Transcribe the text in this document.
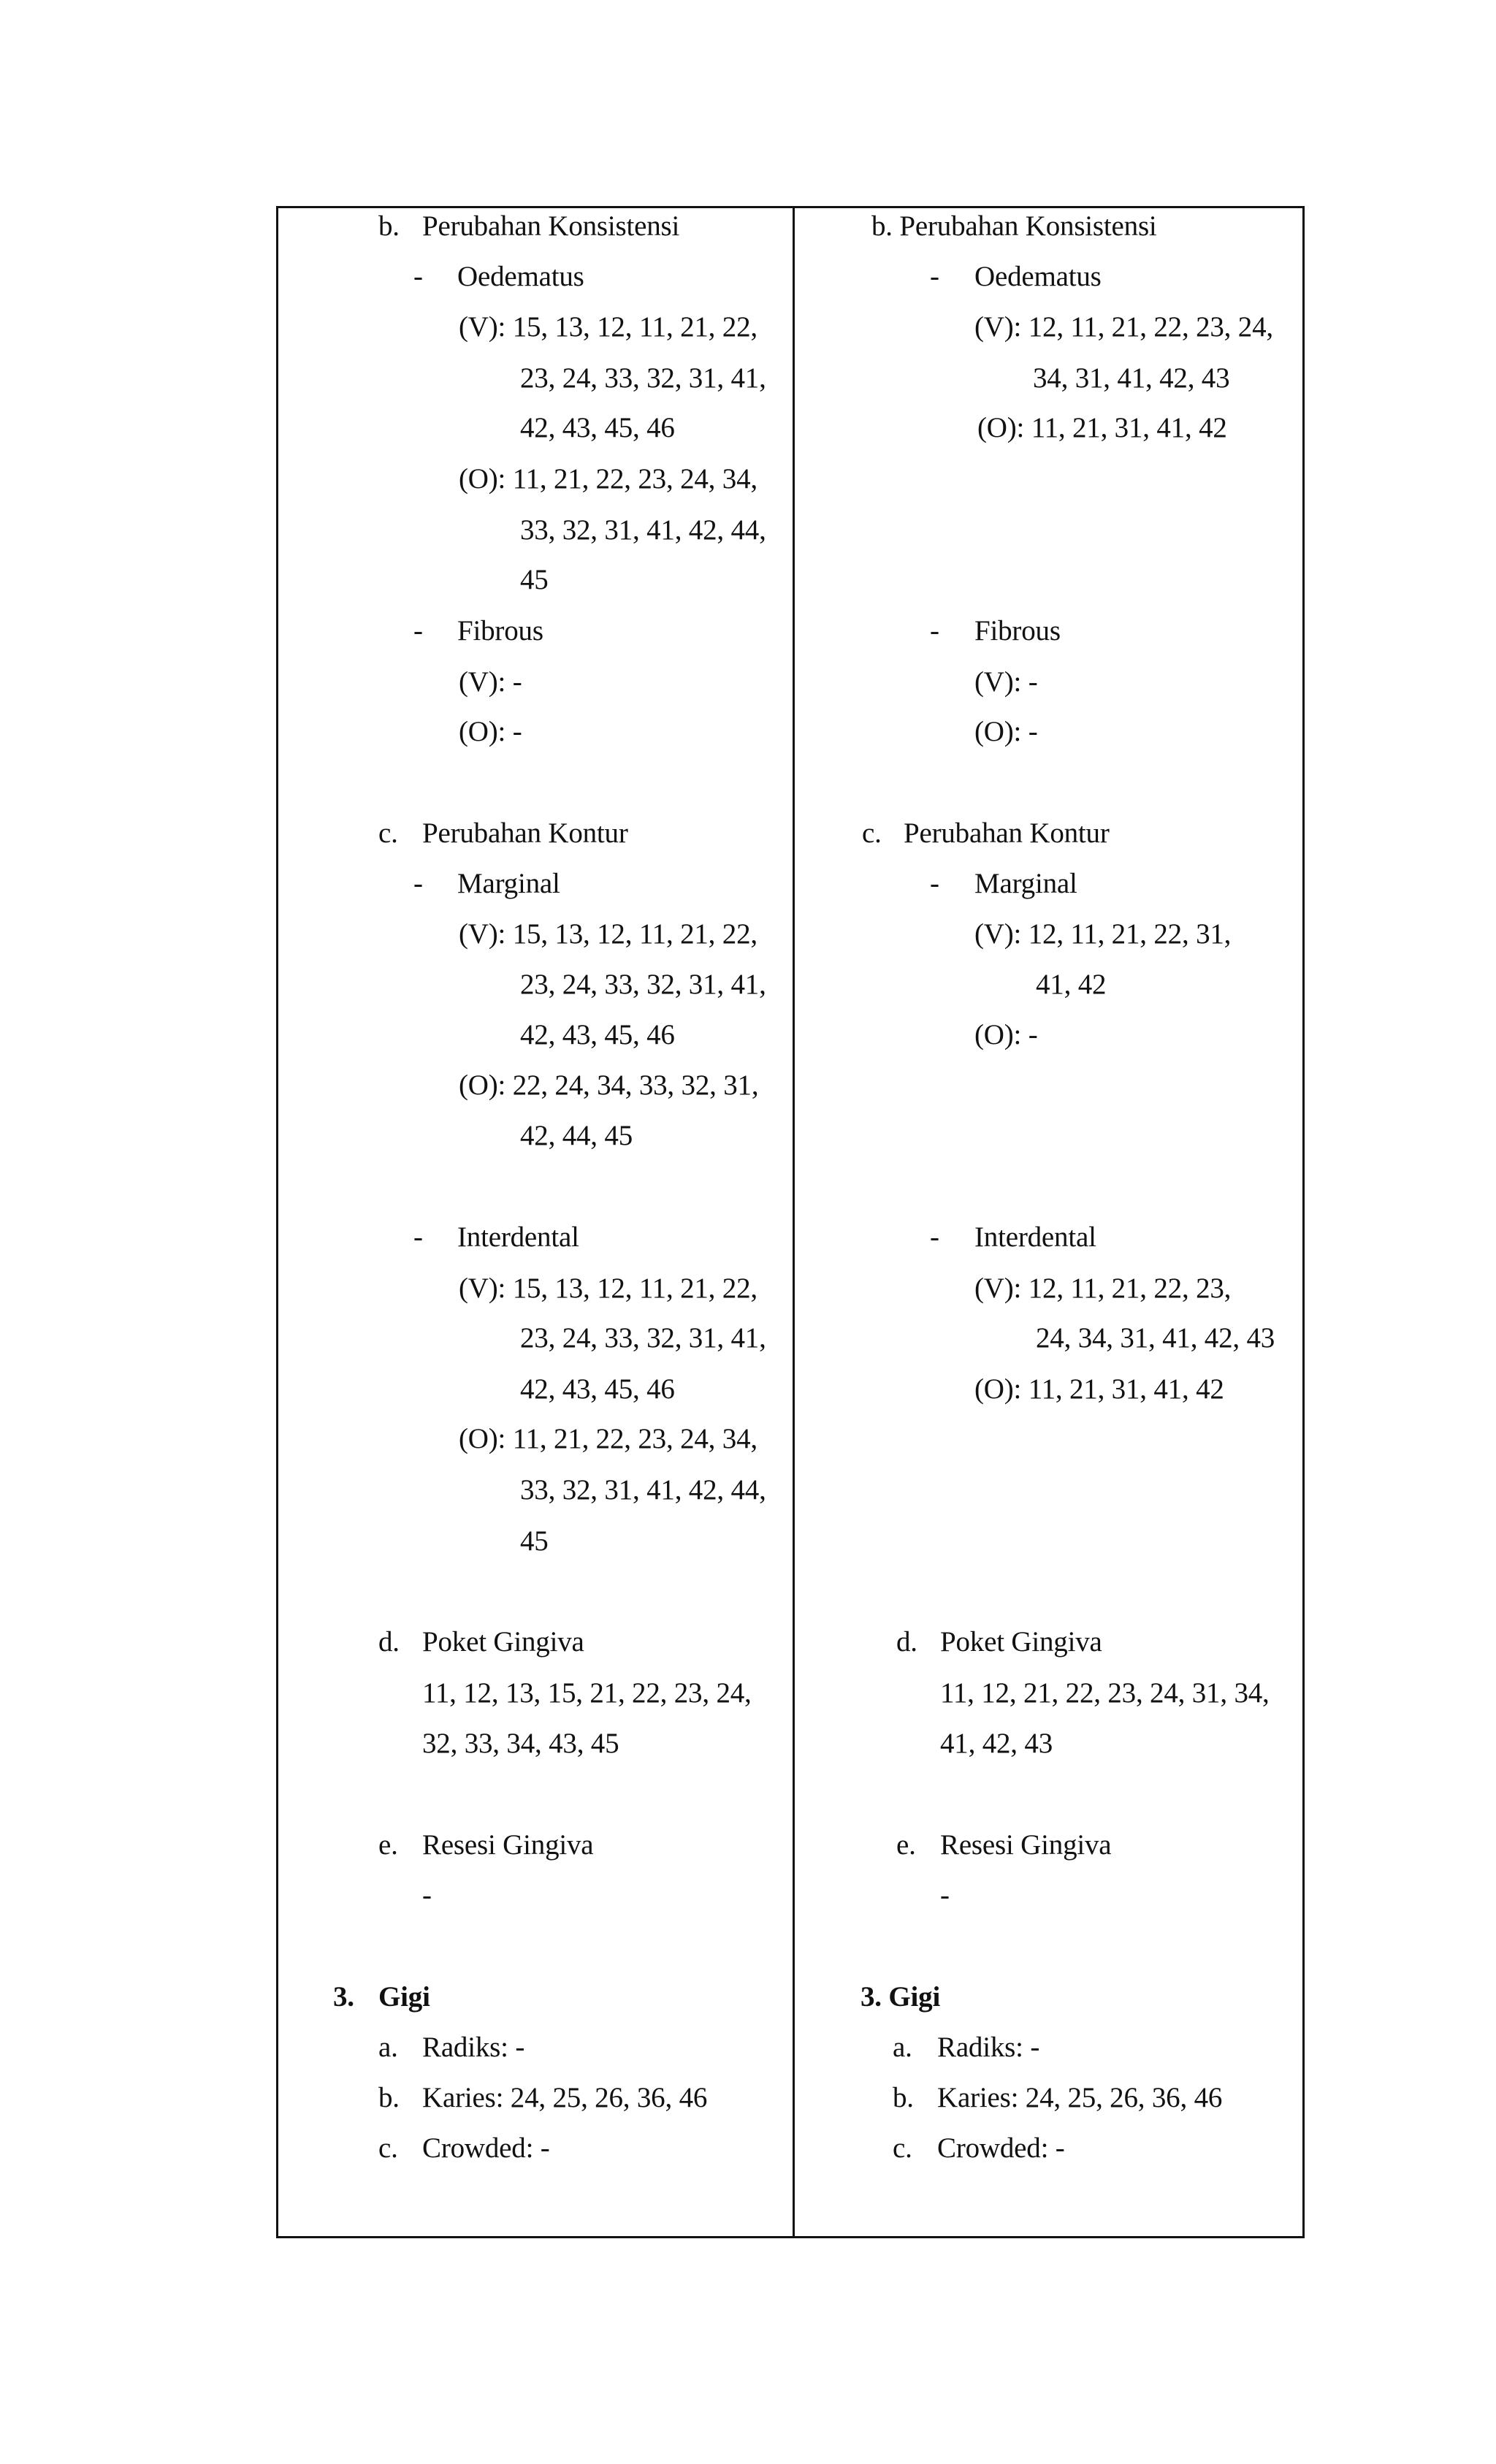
b. Perubahan Konsistensi
- Oedematus
(V): 15, 13, 12, 11, 21, 22,
23, 24, 33, 32, 31, 41,
42, 43, 45, 46
(O): 11, 21, 22, 23, 24, 34,
33, 32, 31, 41, 42, 44,
45
- Fibrous
(V): -
(O): -
c. Perubahan Kontur
- Marginal
(V): 15, 13, 12, 11, 21, 22,
23, 24, 33, 32, 31, 41,
42, 43, 45, 46
(O): 22, 24, 34, 33, 32, 31,
42, 44, 45
- Interdental
(V): 15, 13, 12, 11, 21, 22,
23, 24, 33, 32, 31, 41,
42, 43, 45, 46
(O): 11, 21, 22, 23, 24, 34,
33, 32, 31, 41, 42, 44,
45
d. Poket Gingiva
11, 12, 13, 15, 21, 22, 23, 24,
32, 33, 34, 43, 45
e. Resesi Gingiva
-
3. Gigi
a. Radiks: -
b. Karies: 24, 25, 26, 36, 46
c. Crowded: -
b. Perubahan Konsistensi
- Oedematus
(V): 12, 11, 21, 22, 23, 24,
34, 31, 41, 42, 43
(O): 11, 21, 31, 41, 42
- Fibrous
(V): -
(O): -
c. Perubahan Kontur
- Marginal
(V): 12, 11, 21, 22, 31,
41, 42
(O): -
- Interdental
(V): 12, 11, 21, 22, 23,
24, 34, 31, 41, 42, 43
(O): 11, 21, 31, 41, 42
d. Poket Gingiva
11, 12, 21, 22, 23, 24, 31, 34,
41, 42, 43
e. Resesi Gingiva
-
3. Gigi
a. Radiks: -
b. Karies: 24, 25, 26, 36, 46
c. Crowded: -
